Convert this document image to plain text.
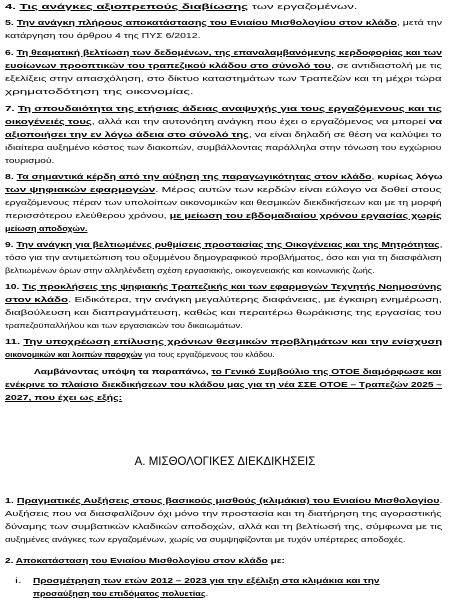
4. Τις ανάγκες αξιοπρεπούς διαβίωσης των εργαζομένων.
5. Την ανάγκη πλήρους αποκατάστασης του Ενιαίου Μισθολογίου στον κλάδο, μετά την
κατάργηση του άρθρου 4 της ΠΥΣ 6/2012.
6. Τη θεαματική βελτίωση των δεδομένων, της επαναλαμβανόμενης κερδοφορίας και των
ευοίωνων προοπτικών του τραπεζικού κλάδου στο σύνολό του, σε αντιδιαστολή με τις
εξελίξεις στην απασχόληση, στο δίκτυο καταστημάτων των Τραπεζών και τη μέχρι τώρα
χρηματοδότηση της οικονομίας.
7. Τη σπουδαιότητα της ετήσιας άδειας αναψυχής για τους εργαζόμενους και τις
οικογένειές τους, αλλά και την αυτονόητη ανάγκη που έχει ο εργαζόμενος να μπορεί να
αξιοποιήσει την εν λόγω άδεια στο σύνολό της, να είναι δηλαδή σε θέση να καλύψει το
ιδιαίτερα αυξημένο κόστος των διακοπών, συμβάλλοντας παράλληλα στην τόνωση του εγχώριου
τουρισμού.
8. Τα σημαντικά κέρδη από την αύξηση της παραγωγικότητας στον κλάδο, κυρίως λόγω
των ψηφιακών εφαρμογών. Μέρος αυτών των κερδών είναι εύλογο να δοθεί στους
εργαζόμενους πέραν των υπολοίπων οικονομικών και θεσμικών διεκδικήσεων και με τη μορφή
περισσότερου ελεύθερου χρόνου, με μείωση του εβδομαδιαίου χρόνου εργασίας χωρίς
μείωση αποδοχών.
9. Την ανάγκη για βελτιωμένες ρυθμίσεις προστασίας της Οικογένειας και της Μητρότητας,
τόσο για την αντιμετώπιση του οξυμμένου δημογραφικού προβλήματος, όσο και για τη διασφάλιση
βελτιωμένων όρων στην αλληλένδετη σχέση εργασιακής, οικογενειακής και κοινωνικής ζωής.
10. Τις προκλήσεις της ψηφιακής Τραπεζικής και των εφαρμογών Τεχνητής Νοημοσύνης
στον κλάδο. Ειδικότερα, την ανάγκη μεγαλύτερης διαφάνειας, με έγκαιρη ενημέρωση,
διαβούλευση και διαπραγμάτευση, καθώς και περαιτέρω θωράκισης της εργασίας του
τραπεζοϋπαλλήλου και των εργασιακών του δικαιωμάτων.
11. Την υποχρέωση επίλυσης χρόνιων θεσμικών προβλημάτων και την ενίσχυση
οικονομικών και λοιπών παροχών για τους εργαζόμενους του κλάδου.
Λαμβάνοντας υπόψη τα παραπάνω, το Γενικό Συμβούλιο της ΟΤΟΕ διαμόρφωσε και
ενέκρινε το πλαίσιο διεκδικήσεων του κλάδου μας για τη νέα ΣΣΕ ΟΤΟΕ – Τραπεζών 2025 –
2027, που έχει ως εξής:
Α. ΜΙΣΘΟΛΟΓΙΚΕΣ ΔΙΕΚΔΙΚΗΣΕΙΣ
1. Πραγματικές Αυξήσεις στους βασικούς μισθούς (κλιμάκια) του Ενιαίου Μισθολογίου.
Αυξήσεις που να διασφαλίζουν όχι μόνο την προστασία και τη διατήρηση της αγοραστικής
δύναμης των συμβατικών κλαδικών αποδοχών, αλλά και τη βελτίωσή της, σύμφωνα με τις
αυξημένες ανάγκες των εργαζομένων, χωρίς να συμψηφίζονται με τυχόν υπέρτερες αποδοχές.
2. Αποκατάσταση του Ενιαίου Μισθολογίου στον κλάδο με:
i. Προσμέτρηση των ετών 2012 – 2023 για την εξέλιξη στα κλιμάκια και την
προσαύξηση του επιδόματος πολυετίας.
